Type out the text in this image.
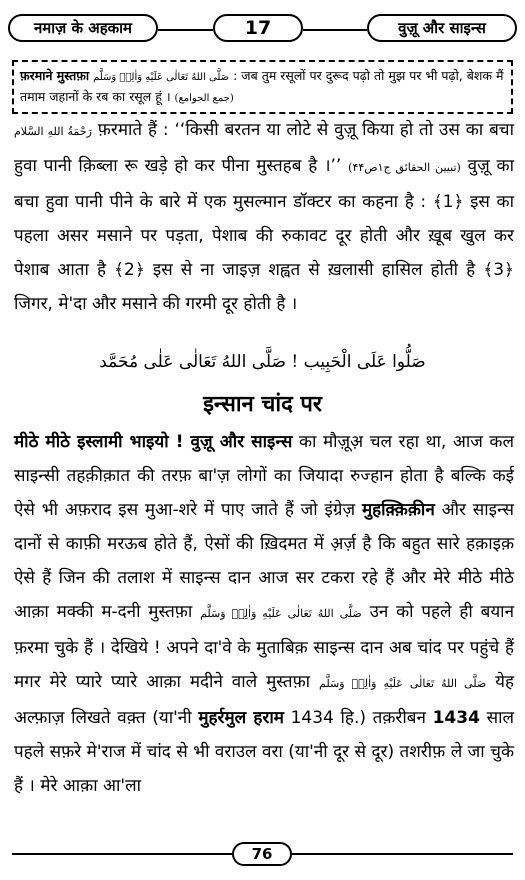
नमाज़ के अहकाम	17	वुज़ू और साइन्स
फ़रमाने मुस्तफ़ा صَلَّى اللهُ تَعَالٰى عَلَيْهِ وَاٰلِهٖ وَسَلَّم : जब तुम रसूलों पर दुरूद पढ़ो तो मुझ पर भी पढ़ो, बेशक मैं तमाम जहानों के रब का रसूल हूं । (جمع الجوامع)
رَحْمَةُ اللهِ السَّلام फ़रमाते हैं : ‘‘किसी बरतन या लोटे से वुज़ू किया हो तो उस का बचा हुवा पानी क़िब्ला रू खड़े हो कर पीना मुस्तहब है ।’’ (تبیین الحقائق ج۱ص۴۴) वुज़ू का बचा हुवा पानी पीने के बारे में एक मुसल्मान डॉक्टर का कहना है : ﴾1﴿ इस का पहला असर मसाने पर पड़ता, पेशाब की रुकावट दूर होती और ख़ूब खुल कर पेशाब आता है ﴾2﴿ इस से ना जाइज़ शह्वत से ख़लासी हासिल होती है ﴾3﴿ जिगर, मे'दा और मसाने की गरमी दूर होती है ।
صَلُّوا عَلَى الْحَبِيب ! صَلَّى اللهُ تَعَالٰى عَلٰى مُحَمَّد
इन्सान चांद पर
मीठे मीठे इस्लामी भाइयो ! वुज़ू और साइन्स का मौज़ूअ़ चल रहा था, आज कल साइन्सी तहक़ीक़ात की तरफ़ बा'ज़ लोगों का जियादा रुज्हान होता है बल्कि कई ऐसे भी अफ़राद इस मुआ-शरे में पाए जाते हैं जो इंग्रेज़ मुहक़्क़िक़ीन और साइन्स दानों से काफ़ी मरऊब होते हैं, ऐसों की ख़िदमत में अ़र्ज़ है कि बहुत सारे हक़ाइक़ ऐसे हैं जिन की तलाश में साइन्स दान आज सर टकरा रहे हैं और मेरे मीठे मीठे आक़ा मक्की म-दनी मुस्तफ़ा صَلَّى اللهُ تَعَالٰى عَلَيْهِ وَاٰلِهٖ وَسَلَّم उन को पहले ही बयान फ़रमा चुके हैं । देखिये ! अपने दा'वे के मुताबिक़ साइन्स दान अब चांद पर पहुंचे हैं मगर मेरे प्यारे प्यारे आक़ा मदीने वाले मुस्तफ़ा صَلَّى اللهُ تَعَالٰى عَلَيْهِ وَاٰلِهٖ وَسَلَّم येह अल्फ़ाज़ लिखते वक़्त (या'नी मुहर्रमुल हराम 1434 हि.) तक़रीबन 1434 साल पहले सफ़रे मे'राज में चांद से भी वराउल वरा (या'नी दूर से दूर) तशरीफ़ ले जा चुके हैं । मेरे आक़ा आ'ला
76
